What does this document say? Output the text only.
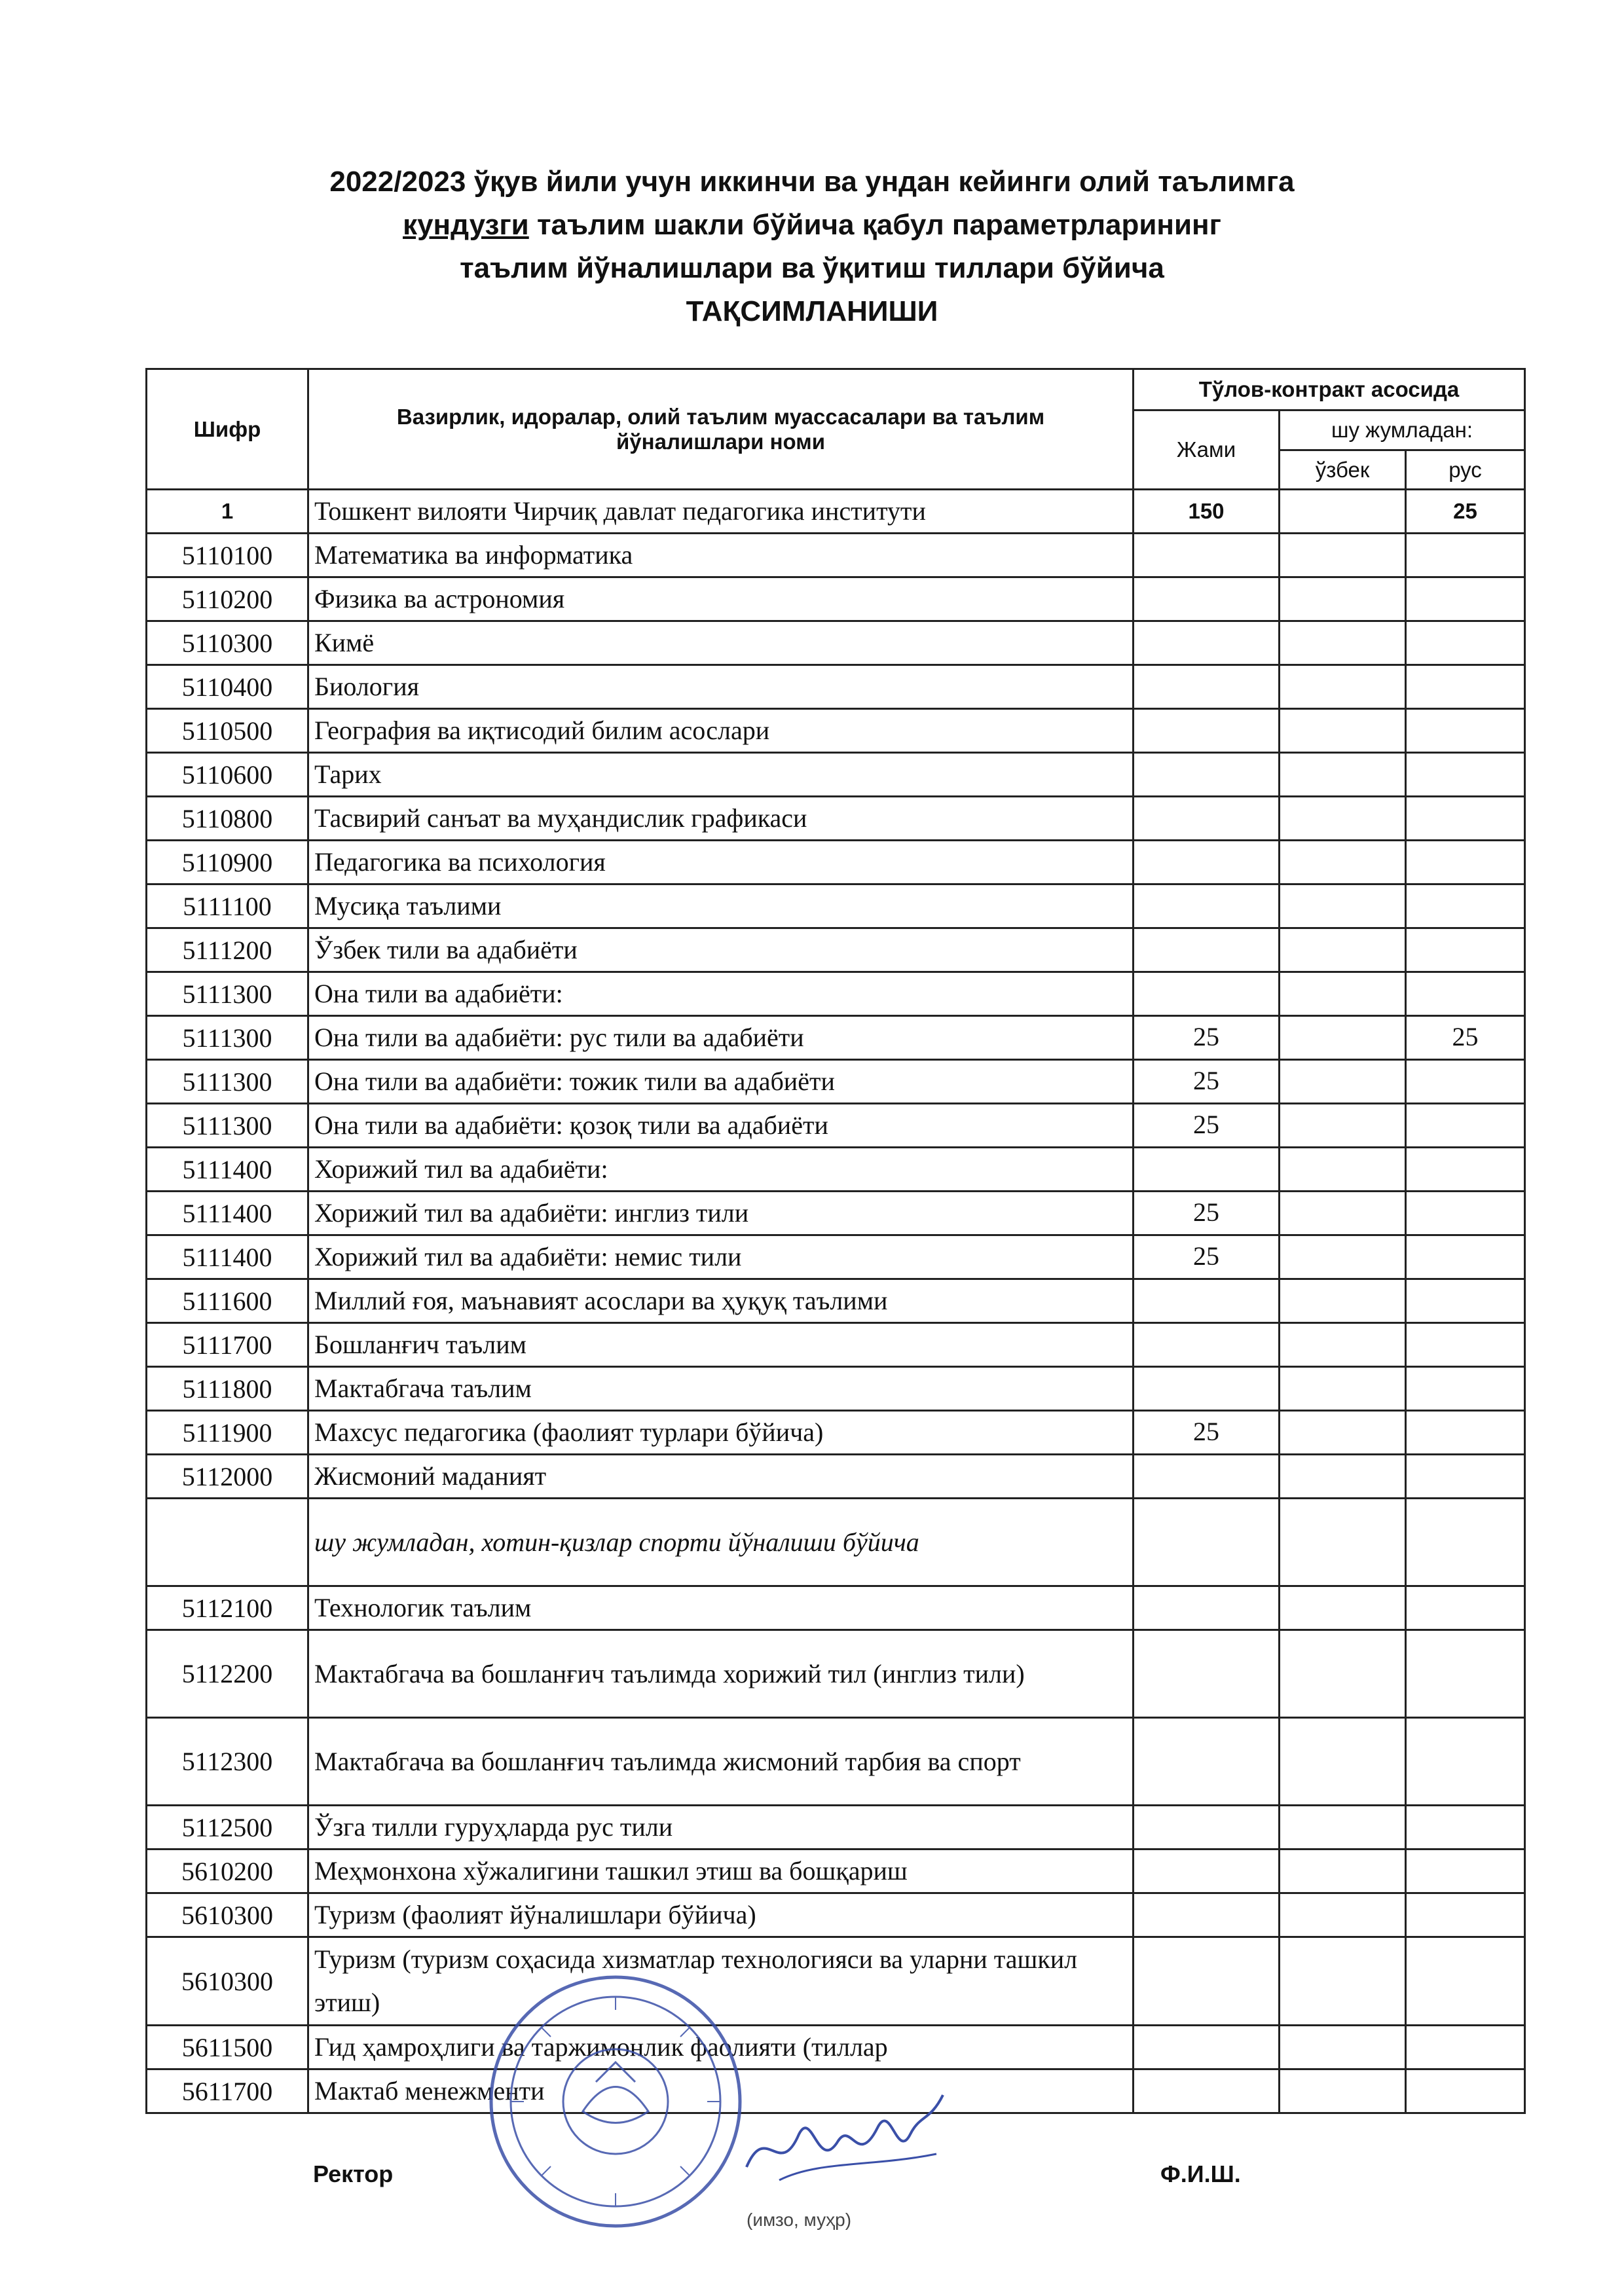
2022/2023 ўқув йили учун иккинчи ва ундан кейинги олий таълимга
кундузги таълим шакли бўйича қабул параметрларининг
таълим йўналишлари ва ўқитиш тиллари бўйича
ТАҚСИМЛАНИШИ
Шифр	Вазирлик, идоралар, олий таълим муассасалари ва таълим йўналишлари номи	Тўлов-контракт асосида		
		Жами	шу жумладан:	
			ўзбек	рус
1	Тошкент вилояти Чирчиқ давлат педагогика институти	150		25
5110100	Математика ва информатика			
5110200	Физика ва астрономия			
5110300	Кимё			
5110400	Биология			
5110500	География ва иқтисодий билим асослари			
5110600	Тарих			
5110800	Тасвирий санъат ва муҳандислик графикаси			
5110900	Педагогика ва психология			
5111100	Мусиқа таълими			
5111200	Ўзбек тили ва адабиёти			
5111300	Она тили ва адабиёти:			
5111300	Она тили ва адабиёти: рус тили ва адабиёти	25		25
5111300	Она тили ва адабиёти: тожик тили ва адабиёти	25		
5111300	Она тили ва адабиёти: қозоқ тили ва адабиёти	25		
5111400	Хорижий тил ва адабиёти:			
5111400	Хорижий тил ва адабиёти: инглиз тили	25		
5111400	Хорижий тил ва адабиёти: немис тили	25		
5111600	Миллий ғоя, маънавият асослари ва ҳуқуқ таълими			
5111700	Бошланғич таълим			
5111800	Мактабгача таълим			
5111900	Махсус педагогика (фаолият турлари бўйича)	25		
5112000	Жисмоний маданият			
	шу жумладан, хотин-қизлар спорти йўналиши бўйича			
5112100	Технологик таълим			
5112200	Мактабгача ва бошланғич таълимда хорижий тил (инглиз тили)			
5112300	Мактабгача ва бошланғич таълимда жисмоний тарбия ва спорт			
5112500	Ўзга тилли гуруҳларда рус тили			
5610200	Меҳмонхона хўжалигини ташкил этиш ва бошқариш			
5610300	Туризм (фаолият йўналишлари бўйича)			
5610300	Туризм (туризм соҳасида хизматлар технологияси ва уларни ташкил этиш)			
5611500	Гид ҳамроҳлиги ва таржимонлик фаолияти (тиллар			
5611700	Мактаб менежменти			
Ректор
(имзо, муҳр)
Ф.И.Ш.
